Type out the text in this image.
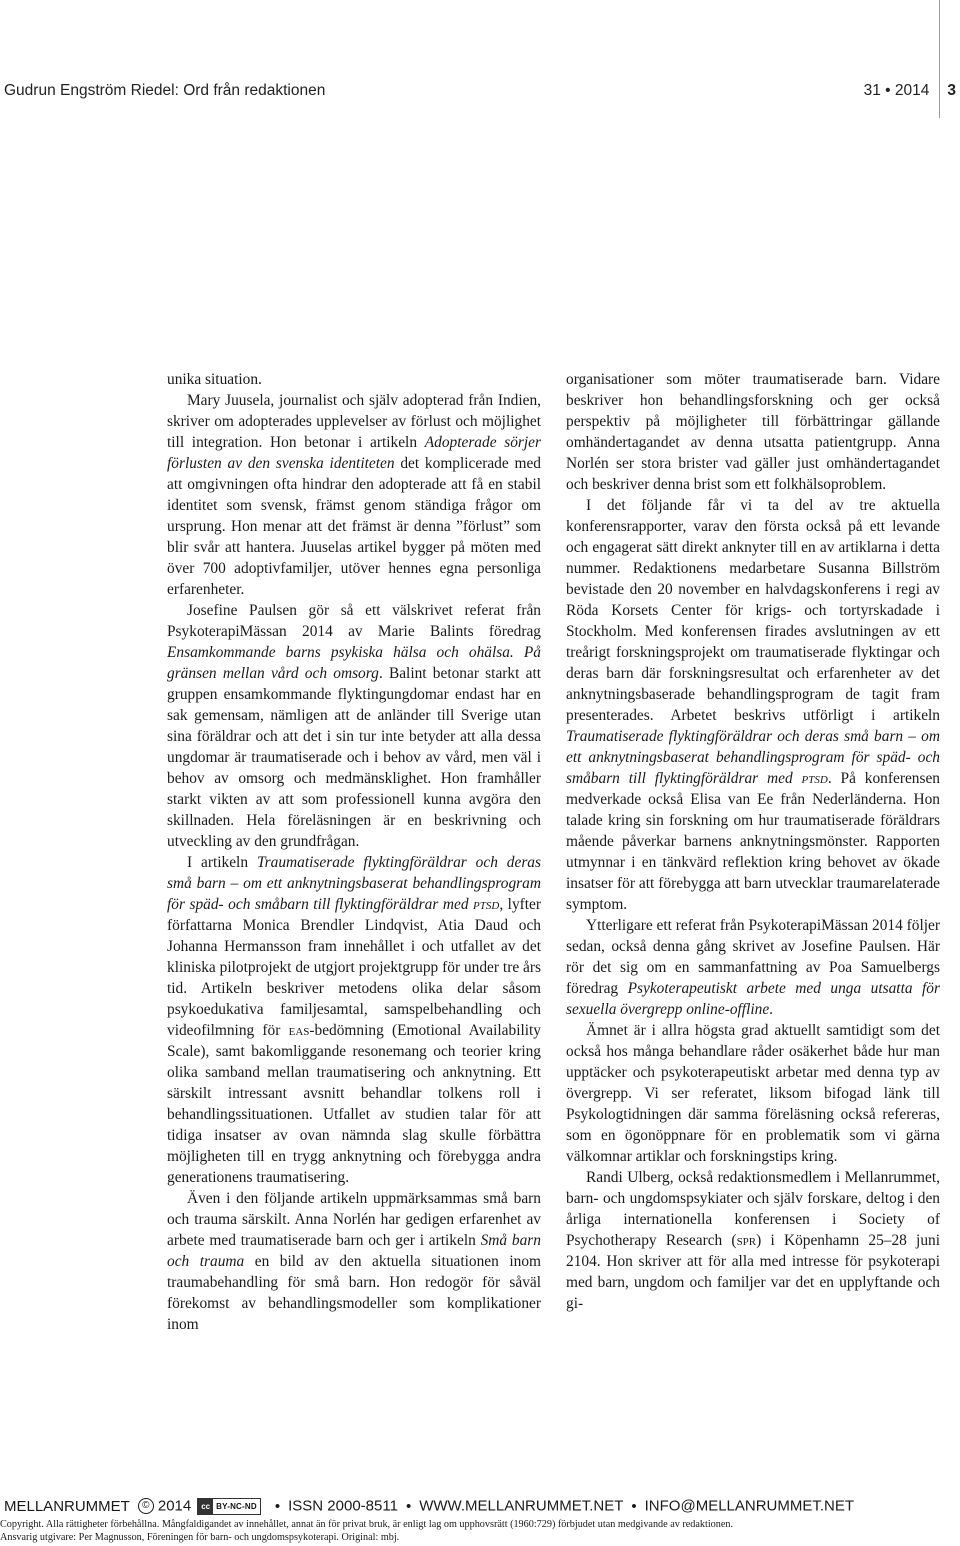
Gudrun Engström Riedel: Ord från redaktionen	31 • 2014 3

unika situation.

Mary Juusela, journalist och själv adopterad från Indien, skriver om adopterades upplevelser av förlust och möjlighet till integration. Hon betonar i artikeln Adopterade sörjer förlusten av den svenska identiteten det komplicerade med att omgivningen ofta hindrar den adopterade att få en stabil identitet som svensk, främst genom ständiga frågor om ursprung. Hon menar att det främst är denna ”förlust” som blir svår att hantera. Juuselas artikel bygger på möten med över 700 adoptivfamiljer, utöver hennes egna personliga erfarenheter.

Josefine Paulsen gör så ett välskrivet referat från PsykoterapiMässan 2014 av Marie Balints föredrag Ensamkommande barns psykiska hälsa och ohälsa. På gränsen mellan vård och omsorg. Balint betonar starkt att gruppen ensamkommande flyktingungdomar endast har en sak gemensam, nämligen att de anländer till Sverige utan sina föräldrar och att det i sin tur inte betyder att alla dessa ungdomar är traumatiserade och i behov av vård, men väl i behov av omsorg och medmänsklighet. Hon framhåller starkt vikten av att som professionell kunna avgöra den skillnaden. Hela föreläsningen är en beskrivning och utveckling av den grundfrågan.

I artikeln Traumatiserade flyktingföräldrar och deras små barn – om ett anknytningsbaserat behandlingsprogram för späd- och småbarn till flyktingföräldrar med ptsd, lyfter författarna Monica Brendler Lindqvist, Atia Daud och Johanna Hermansson fram innehållet i och utfallet av det kliniska pilotprojekt de utgjort projektgrupp för under tre års tid. Artikeln beskriver metodens olika delar såsom psykoedukativa familjesamtal, samspelbehandling och videofilmning för eas-bedömning (Emotional Availability Scale), samt bakomliggande resonemang och teorier kring olika samband mellan traumatisering och anknytning. Ett särskilt intressant avsnitt behandlar tolkens roll i behandlingssituationen. Utfallet av studien talar för att tidiga insatser av ovan nämnda slag skulle förbättra möjligheten till en trygg anknytning och förebygga andra generationens traumatisering.

Även i den följande artikeln uppmärksammas små barn och trauma särskilt. Anna Norlén har gedigen erfarenhet av arbete med traumatiserade barn och ger i artikeln Små barn och trauma en bild av den aktuella situationen inom traumabehandling för små barn. Hon redogör för såväl förekomst av behandlingsmodeller som komplikationer inom

organisationer som möter traumatiserade barn. Vidare beskriver hon behandlingsforskning och ger också perspektiv på möjligheter till förbättringar gällande omhändertagandet av denna utsatta patientgrupp. Anna Norlén ser stora brister vad gäller just omhändertagandet och beskriver denna brist som ett folkhälsoproblem.

I det följande får vi ta del av tre aktuella konferensrapporter, varav den första också på ett levande och engagerat sätt direkt anknyter till en av artiklarna i detta nummer. Redaktionens medarbetare Susanna Billström bevistade den 20 november en halvdagskonferens i regi av Röda Korsets Center för krigs- och tortyrskadade i Stockholm. Med konferensen firades avslutningen av ett treårigt forskningsprojekt om traumatiserade flyktingar och deras barn där forskningsresultat och erfarenheter av det anknytningsbaserade behandlingsprogram de tagit fram presenterades. Arbetet beskrivs utförligt i artikeln Traumatiserade flyktingföräldrar och deras små barn – om ett anknytningsbaserat behandlingsprogram för späd- och småbarn till flyktingföräldrar med ptsd. På konferensen medverkade också Elisa van Ee från Nederländerna. Hon talade kring sin forskning om hur traumatiserade föräldrars mående påverkar barnens anknytningsmönster. Rapporten utmynnar i en tänkvärd reflektion kring behovet av ökade insatser för att förebygga att barn utvecklar traumarelaterade symptom.

Ytterligare ett referat från PsykoterapiMässan 2014 följer sedan, också denna gång skrivet av Josefine Paulsen. Här rör det sig om en sammanfattning av Poa Samuelbergs föredrag Psykoterapeutiskt arbete med unga utsatta för sexuella övergrepp online-offline.

Ämnet är i allra högsta grad aktuellt samtidigt som det också hos många behandlare råder osäkerhet både hur man upptäcker och psykoterapeutiskt arbetar med denna typ av övergrepp. Vi ser referatet, liksom bifogad länk till Psykologtidningen där samma föreläsning också refereras, som en ögonöppnare för en problematik som vi gärna välkomnar artiklar och forskningstips kring.

Randi Ulberg, också redaktionsmedlem i Mellanrummet, barn- och ungdomspsykiater och själv forskare, deltog i den årliga internationella konferensen i Society of Psychotherapy Research (spr) i Köpenhamn 25–28 juni 2104. Hon skriver att för alla med intresse för psykoterapi med barn, ungdom och familjer var det en upplyftande och gi-

MELLANRUMMET © 2014	cc BY-NC-ND • ISSN 2000-8511 • WWW.MELLANRUMMET.NET • INFO@MELLANRUMMET.NET
Copyright. Alla rättigheter förbehållna. Mångfaldigandet av innehållet, annat än för privat bruk, är enligt lag om upphovsrätt (1960:729) förbjudet utan medgivande av redaktionen.
Ansvarig utgivare: Per Magnusson, Föreningen för barn- och ungdomspsykoterapi. Original: mbj.
